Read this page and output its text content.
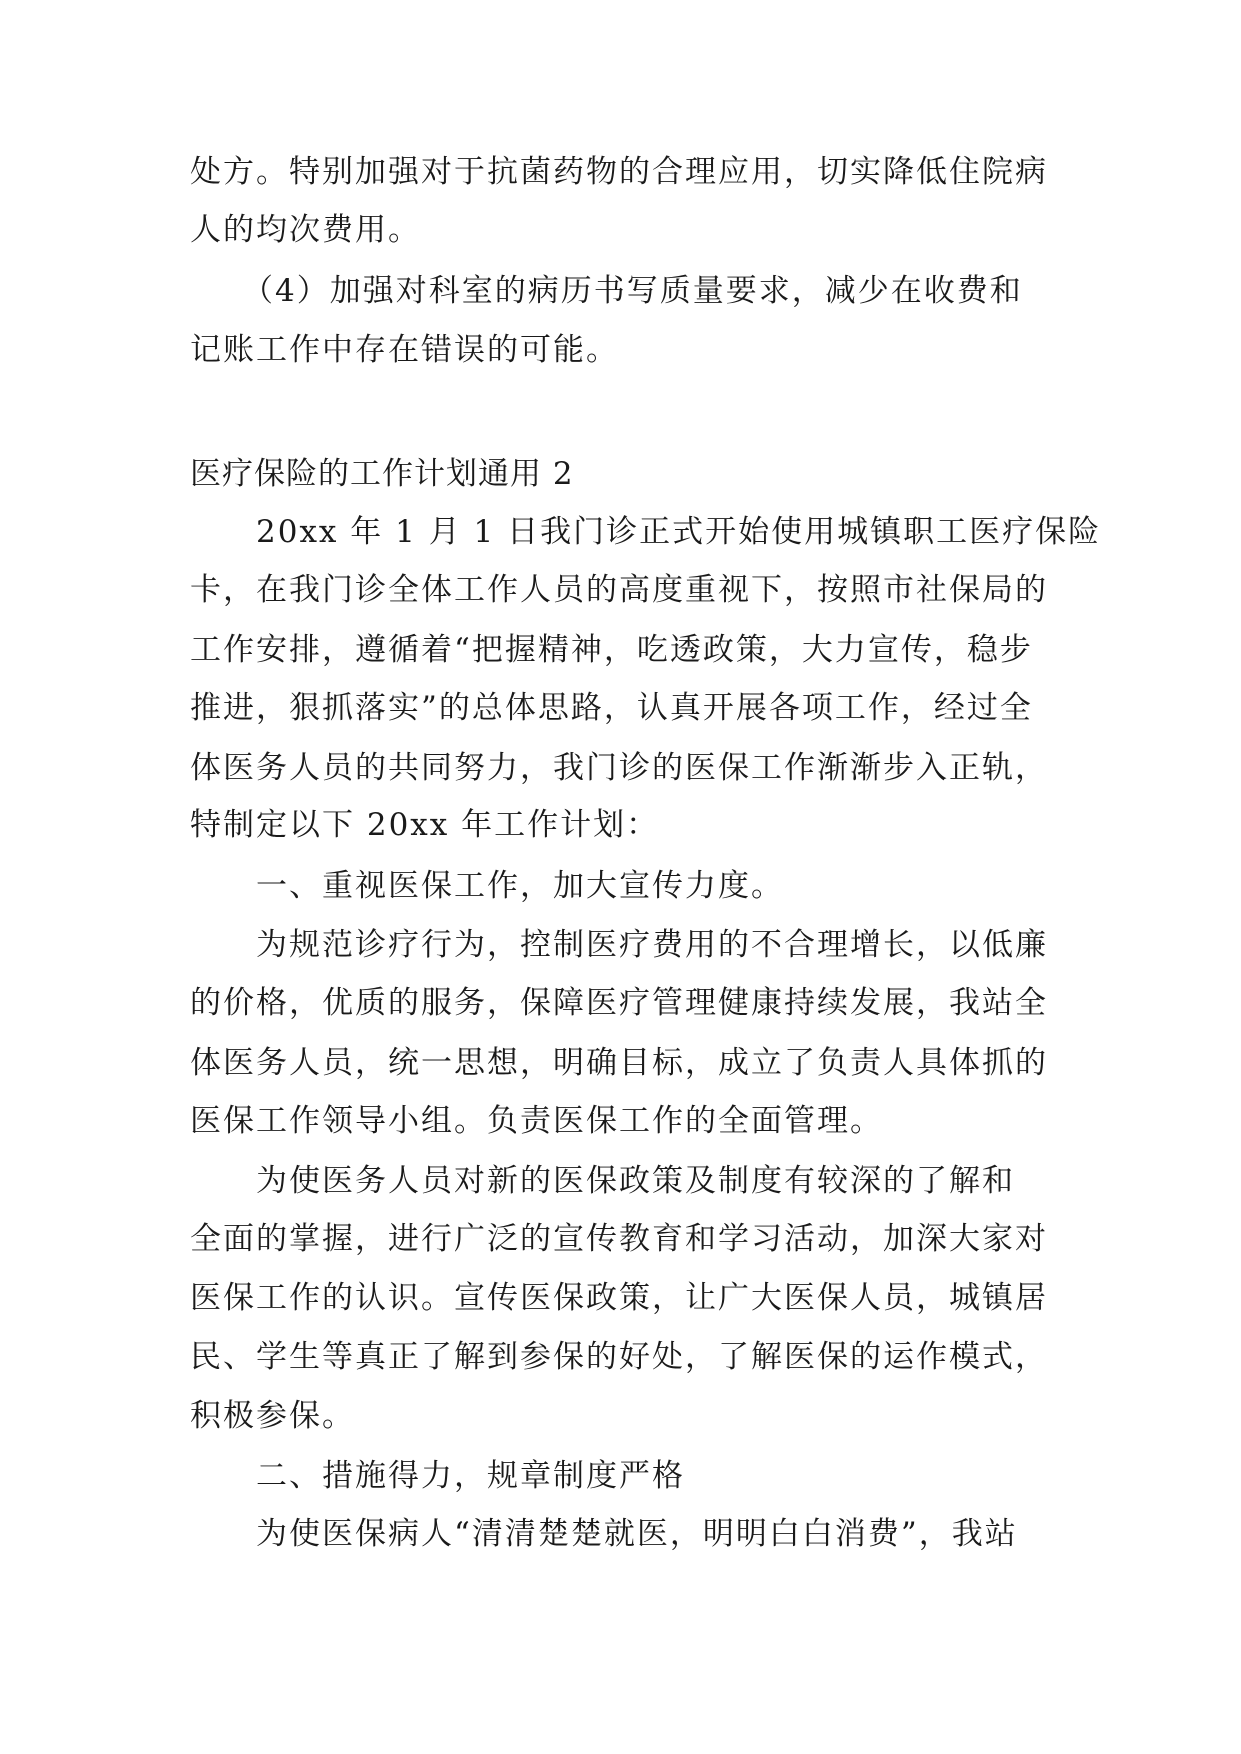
处方。特别加强对于抗菌药物的合理应用，切实降低住院病
人的均次费用。
（4）加强对科室的病历书写质量要求，减少在收费和
记账工作中存在错误的可能。
医疗保险的工作计划通用 2
20xx 年 1 月 1 日我门诊正式开始使用城镇职工医疗保险
卡，在我门诊全体工作人员的高度重视下，按照市社保局的
工作安排，遵循着“把握精神，吃透政策，大力宣传，稳步
推进，狠抓落实”的总体思路，认真开展各项工作，经过全
体医务人员的共同努力，我门诊的医保工作渐渐步入正轨，
特制定以下 20xx 年工作计划：
一、重视医保工作，加大宣传力度。
为规范诊疗行为，控制医疗费用的不合理增长，以低廉
的价格，优质的服务，保障医疗管理健康持续发展，我站全
体医务人员，统一思想，明确目标，成立了负责人具体抓的
医保工作领导小组。负责医保工作的全面管理。
为使医务人员对新的医保政策及制度有较深的了解和
全面的掌握，进行广泛的宣传教育和学习活动，加深大家对
医保工作的认识。宣传医保政策，让广大医保人员，城镇居
民、学生等真正了解到参保的好处，了解医保的运作模式，
积极参保。
二、措施得力，规章制度严格
为使医保病人“清清楚楚就医，明明白白消费”，我站
